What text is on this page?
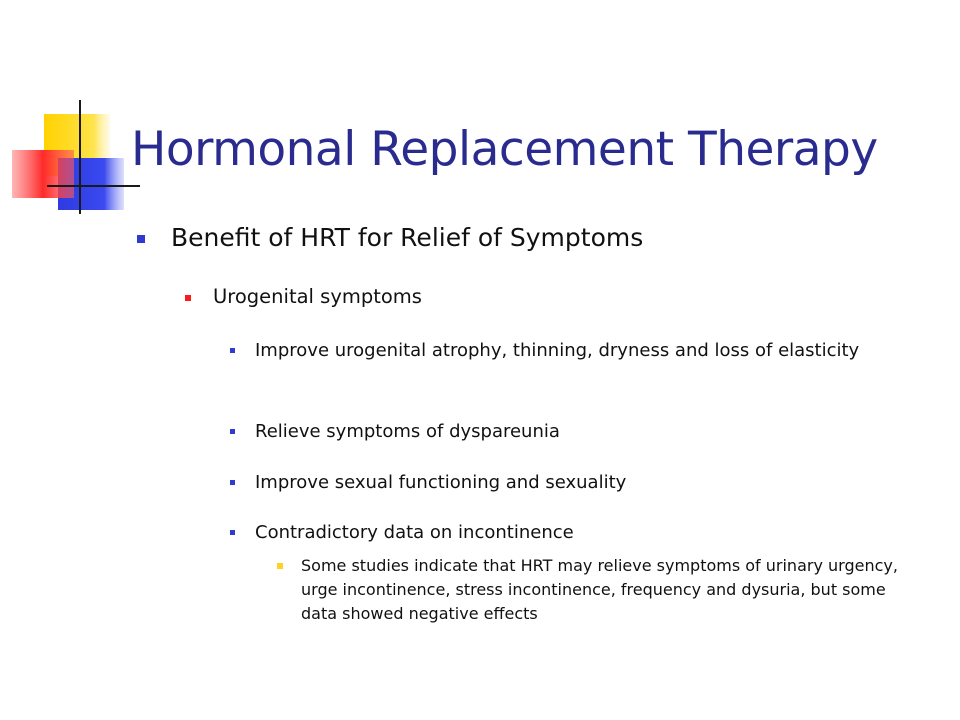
Hormonal Replacement Therapy
Benefit of HRT for Relief of Symptoms
Urogenital symptoms
Improve urogenital atrophy, thinning, dryness and loss of elasticity
Relieve symptoms of dyspareunia
Improve sexual functioning and sexuality
Contradictory data on incontinence
Some studies indicate that HRT may relieve symptoms of urinary urgency, urge incontinence, stress incontinence, frequency and dysuria, but some data showed negative effects
